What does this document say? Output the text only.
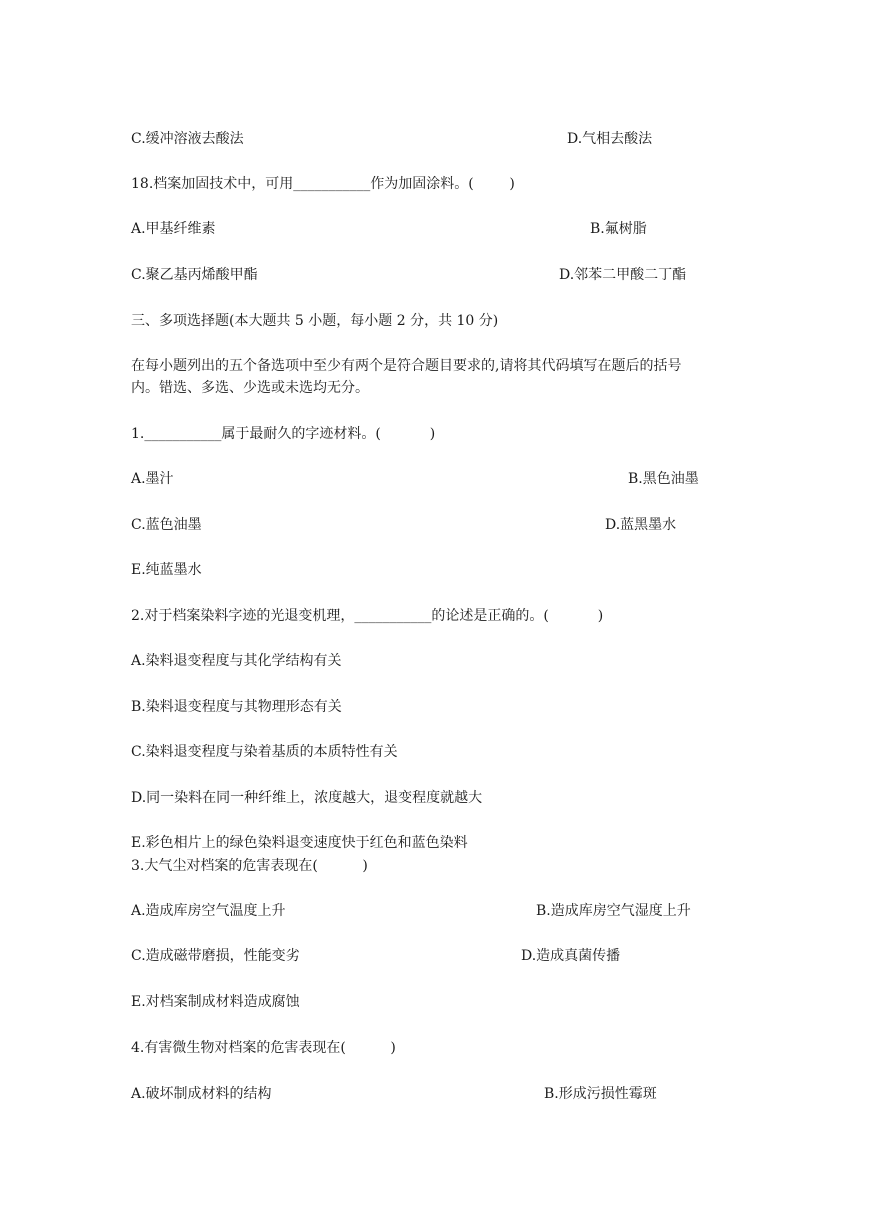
C.缓冲溶液去酸法	D.气相去酸法
18.档案加固技术中，可用___________作为加固涂料。(        )
A.甲基纤维素	B.氟树脂
C.聚乙基丙烯酸甲酯	D.邻苯二甲酸二丁酯
三、多项选择题(本大题共 5 小题，每小题 2 分，共 10 分)
在每小题列出的五个备选项中至少有两个是符合题目要求的,请将其代码填写在题后的括号
内。错选、多选、少选或未选均无分。
1.___________属于最耐久的字迹材料。(           )
A.墨汁	B.黑色油墨
C.蓝色油墨	D.蓝黑墨水
E.纯蓝墨水
2.对于档案染料字迹的光退变机理，___________的论述是正确的。(           )
A.染料退变程度与其化学结构有关
B.染料退变程度与其物理形态有关
C.染料退变程度与染着基质的本质特性有关
D.同一染料在同一种纤维上，浓度越大，退变程度就越大
E.彩色相片上的绿色染料退变速度快于红色和蓝色染料
3.大气尘对档案的危害表现在(          )
A.造成库房空气温度上升	B.造成库房空气湿度上升
C.造成磁带磨损，性能变劣	D.造成真菌传播
E.对档案制成材料造成腐蚀
4.有害微生物对档案的危害表现在(          )
A.破坏制成材料的结构	B.形成污损性霉斑
